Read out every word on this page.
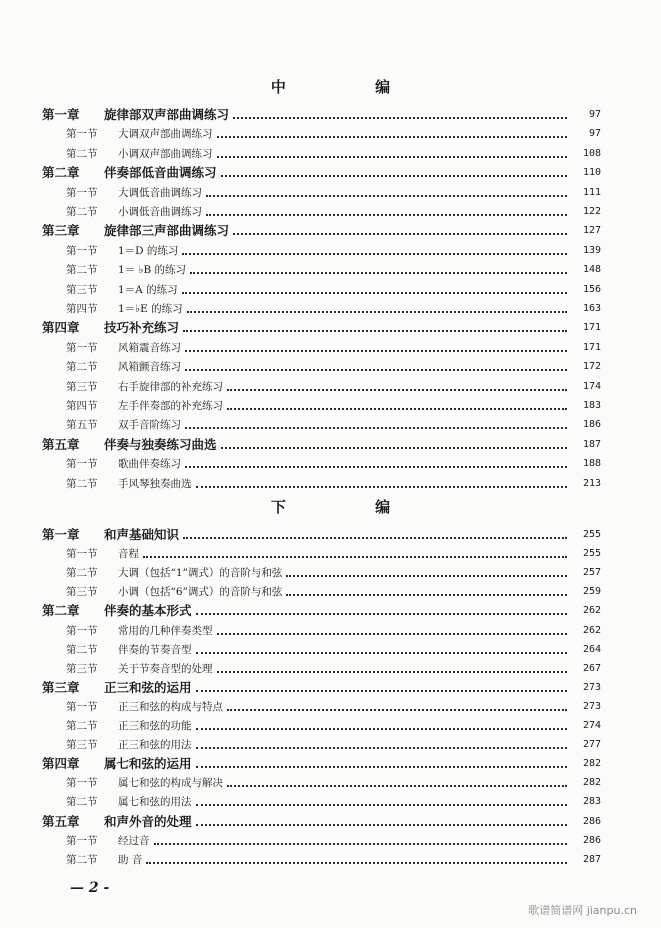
中 编
第一章	旋律部双声部曲调练习	97
第一节	大调双声部曲调练习	97
第二节	小调双声部曲调练习	108
第二章	伴奏部低音曲调练习	110
第一节	大调低音曲调练习	111
第二节	小调低音曲调练习	122
第三章	旋律部三声部曲调练习	127
第一节	1＝D 的练习	139
第二节	1＝ ♭B 的练习	148
第三节	1＝A 的练习	156
第四节	1＝♭E 的练习	163
第四章	技巧补充练习	171
第一节	风箱震音练习	171
第二节	风箱颤音练习	172
第三节	右手旋律部的补充练习	174
第四节	左手伴奏部的补充练习	183
第五节	双手音阶练习	186
第五章	伴奏与独奏练习曲选	187
第一节	歌曲伴奏练习	188
第二节	手风琴独奏曲选	213
下 编
第一章	和声基础知识	255
第一节	音程	255
第二节	大调（包括“1”调式）的音阶与和弦	257
第三节	小调（包括“6”调式）的音阶与和弦	259
第二章	伴奏的基本形式	262
第一节	常用的几种伴奏类型	262
第二节	伴奏的节奏音型	264
第三节	关于节奏音型的处理	267
第三章	正三和弦的运用	273
第一节	正三和弦的构成与特点	273
第二节	正三和弦的功能	274
第三节	正三和弦的用法	277
第四章	属七和弦的运用	282
第一节	属七和弦的构成与解决	282
第二节	属七和弦的用法	283
第五章	和声外音的处理	286
第一节	经过音	286
第二节	助 音	287
— 2 -
歌谱简谱网 jianpu.cn
